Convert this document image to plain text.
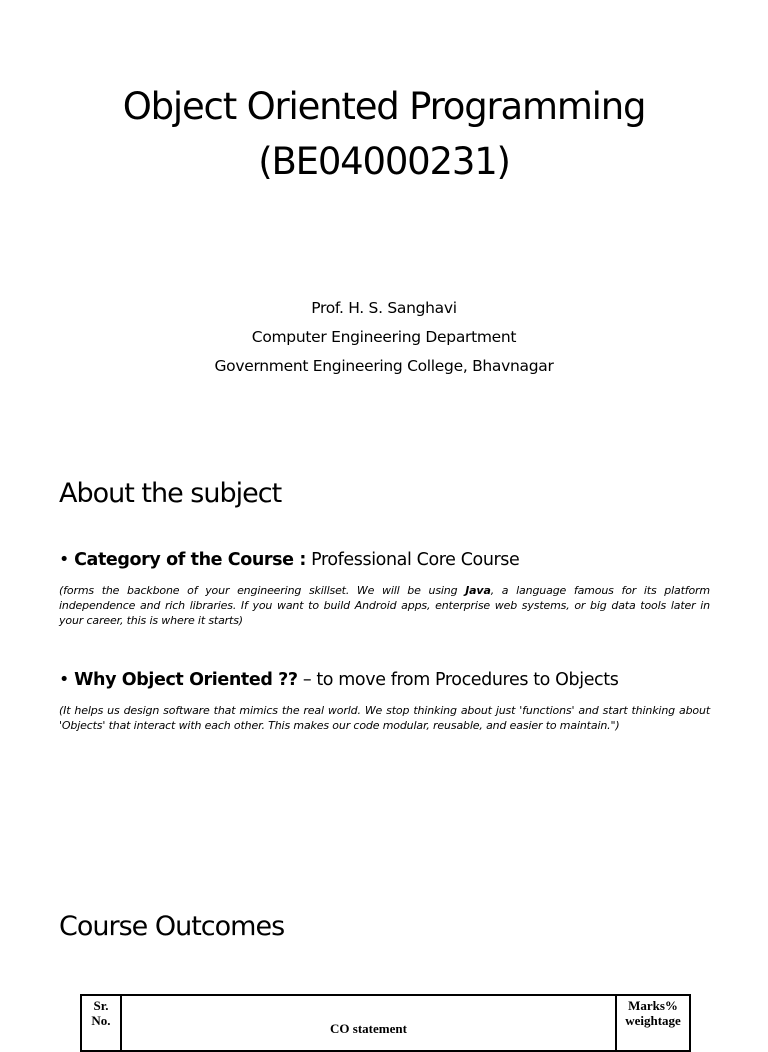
Object Oriented Programming
(BE04000231)
Prof. H. S. Sanghavi
Computer Engineering Department
Government Engineering College, Bhavnagar
About the subject
• Category of the Course : Professional Core Course
(forms the backbone of your engineering skillset. We will be using Java, a language famous for its platform independence and rich libraries. If you want to build Android apps, enterprise web systems, or big data tools later in your career, this is where it starts)
• Why Object Oriented ?? – to move from Procedures to Objects
(It helps us design software that mimics the real world. We stop thinking about just 'functions' and start thinking about 'Objects' that interact with each other. This makes our code modular, reusable, and easier to maintain.")
Course Outcomes
Sr. No.	CO statement	Marks% weightage
